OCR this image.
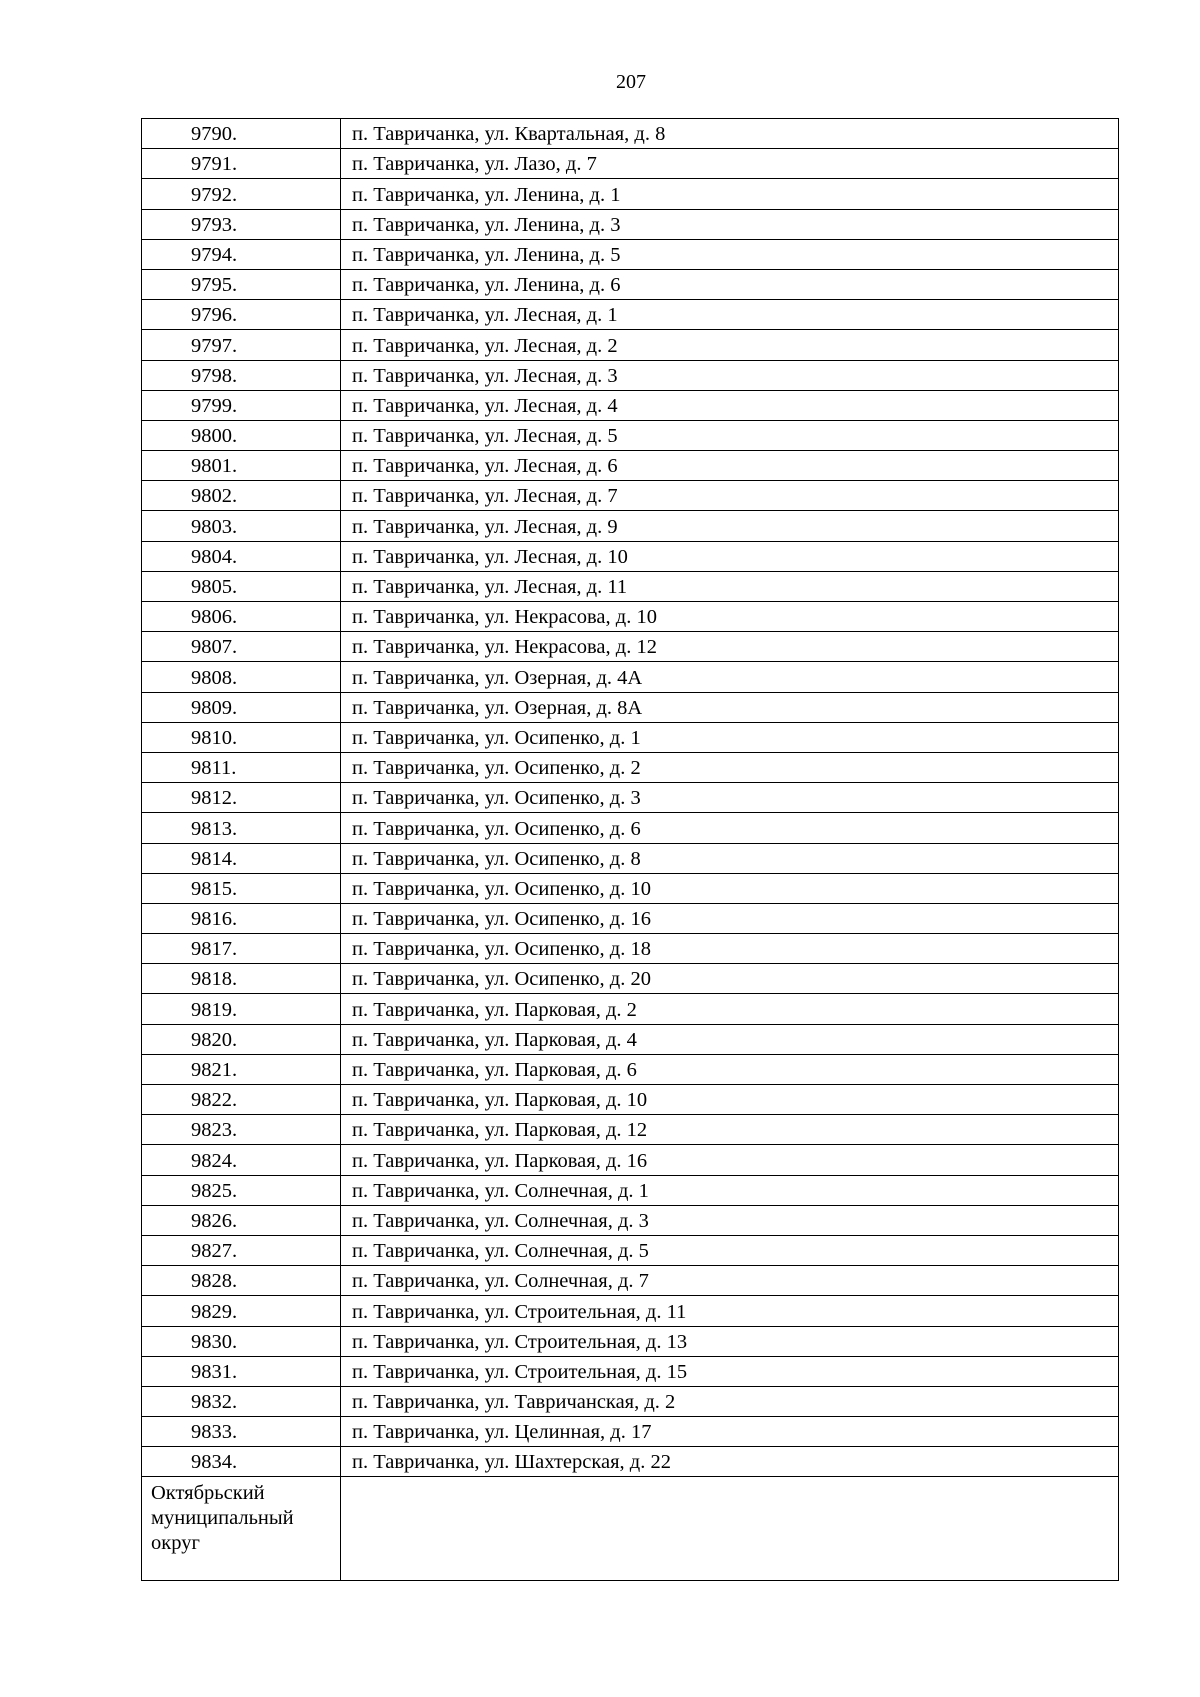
207
9790.	п. Тавричанка, ул. Квартальная, д. 8
9791.	п. Тавричанка, ул. Лазо, д. 7
9792.	п. Тавричанка, ул. Ленина, д. 1
9793.	п. Тавричанка, ул. Ленина, д. 3
9794.	п. Тавричанка, ул. Ленина, д. 5
9795.	п. Тавричанка, ул. Ленина, д. 6
9796.	п. Тавричанка, ул. Лесная, д. 1
9797.	п. Тавричанка, ул. Лесная, д. 2
9798.	п. Тавричанка, ул. Лесная, д. 3
9799.	п. Тавричанка, ул. Лесная, д. 4
9800.	п. Тавричанка, ул. Лесная, д. 5
9801.	п. Тавричанка, ул. Лесная, д. 6
9802.	п. Тавричанка, ул. Лесная, д. 7
9803.	п. Тавричанка, ул. Лесная, д. 9
9804.	п. Тавричанка, ул. Лесная, д. 10
9805.	п. Тавричанка, ул. Лесная, д. 11
9806.	п. Тавричанка, ул. Некрасова, д. 10
9807.	п. Тавричанка, ул. Некрасова, д. 12
9808.	п. Тавричанка, ул. Озерная, д. 4А
9809.	п. Тавричанка, ул. Озерная, д. 8А
9810.	п. Тавричанка, ул. Осипенко, д. 1
9811.	п. Тавричанка, ул. Осипенко, д. 2
9812.	п. Тавричанка, ул. Осипенко, д. 3
9813.	п. Тавричанка, ул. Осипенко, д. 6
9814.	п. Тавричанка, ул. Осипенко, д. 8
9815.	п. Тавричанка, ул. Осипенко, д. 10
9816.	п. Тавричанка, ул. Осипенко, д. 16
9817.	п. Тавричанка, ул. Осипенко, д. 18
9818.	п. Тавричанка, ул. Осипенко, д. 20
9819.	п. Тавричанка, ул. Парковая, д. 2
9820.	п. Тавричанка, ул. Парковая, д. 4
9821.	п. Тавричанка, ул. Парковая, д. 6
9822.	п. Тавричанка, ул. Парковая, д. 10
9823.	п. Тавричанка, ул. Парковая, д. 12
9824.	п. Тавричанка, ул. Парковая, д. 16
9825.	п. Тавричанка, ул. Солнечная, д. 1
9826.	п. Тавричанка, ул. Солнечная, д. 3
9827.	п. Тавричанка, ул. Солнечная, д. 5
9828.	п. Тавричанка, ул. Солнечная, д. 7
9829.	п. Тавричанка, ул. Строительная, д. 11
9830.	п. Тавричанка, ул. Строительная, д. 13
9831.	п. Тавричанка, ул. Строительная, д. 15
9832.	п. Тавричанка, ул. Тавричанская, д. 2
9833.	п. Тавричанка, ул. Целинная, д. 17
9834.	п. Тавричанка, ул. Шахтерская, д. 22

Октябрьский
муниципальный
округ	
